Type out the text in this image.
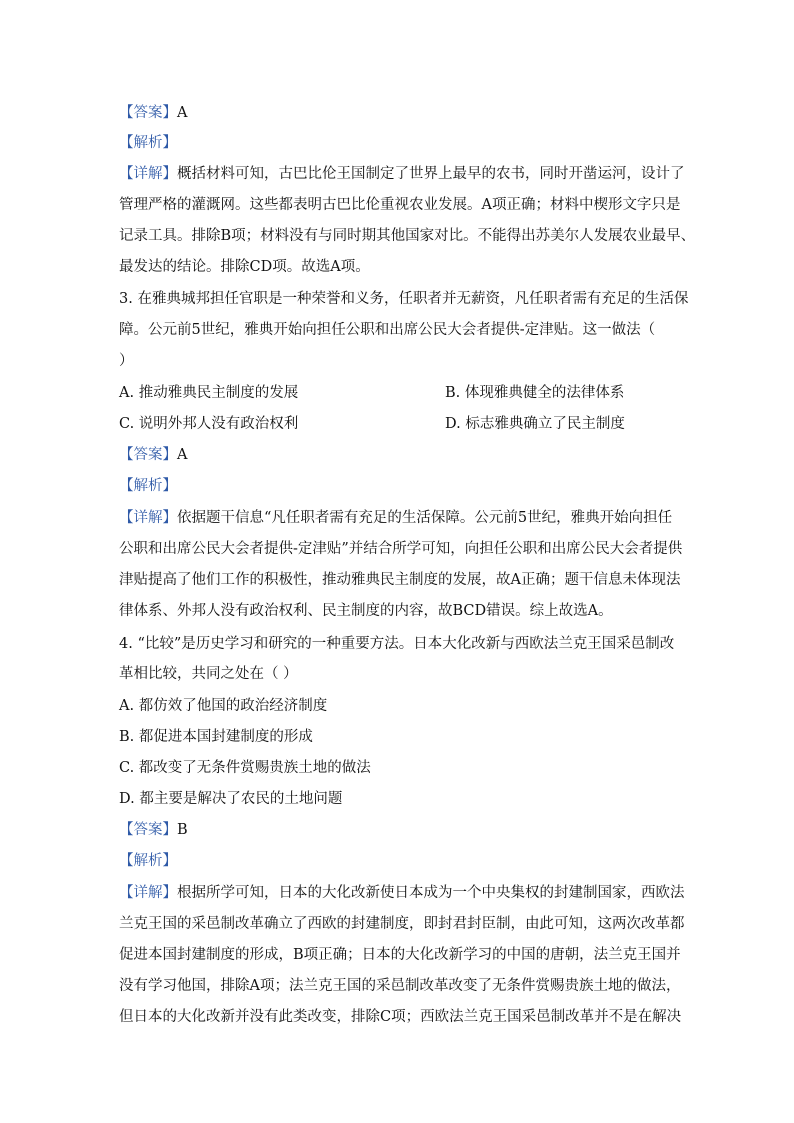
【答案】A
【解析】
【详解】概括材料可知，古巴比伦王国制定了世界上最早的农书，同时开凿运河，设计了
管理严格的灌溉网。这些都表明古巴比伦重视农业发展。A项正确；材料中楔形文字只是
记录工具。排除B项；材料没有与同时期其他国家对比。不能得出苏美尔人发展农业最早、
最发达的结论。排除CD项。故选A项。
3. 在雅典城邦担任官职是一种荣誉和义务，任职者并无薪资，凡任职者需有充足的生活保
障。公元前5世纪，雅典开始向担任公职和出席公民大会者提供-定津贴。这一做法（
）
A. 推动雅典民主制度的发展	B. 体现雅典健全的法律体系
C. 说明外邦人没有政治权利	D. 标志雅典确立了民主制度
【答案】A
【解析】
【详解】依据题干信息“凡任职者需有充足的生活保障。公元前5世纪，雅典开始向担任
公职和出席公民大会者提供-定津贴”并结合所学可知，向担任公职和出席公民大会者提供
津贴提高了他们工作的积极性，推动雅典民主制度的发展，故A正确；题干信息未体现法
律体系、外邦人没有政治权利、民主制度的内容，故BCD错误。综上故选A。
4. “比较”是历史学习和研究的一种重要方法。日本大化改新与西欧法兰克王国采邑制改
革相比较，共同之处在（ ）
A. 都仿效了他国的政治经济制度
B. 都促进本国封建制度的形成
C. 都改变了无条件赏赐贵族土地的做法
D. 都主要是解决了农民的土地问题
【答案】B
【解析】
【详解】根据所学可知，日本的大化改新使日本成为一个中央集权的封建制国家，西欧法
兰克王国的采邑制改革确立了西欧的封建制度，即封君封臣制，由此可知，这两次改革都
促进本国封建制度的形成，B项正确；日本的大化改新学习的中国的唐朝，法兰克王国并
没有学习他国，排除A项；法兰克王国的采邑制改革改变了无条件赏赐贵族土地的做法，
但日本的大化改新并没有此类改变，排除C项；西欧法兰克王国采邑制改革并不是在解决
